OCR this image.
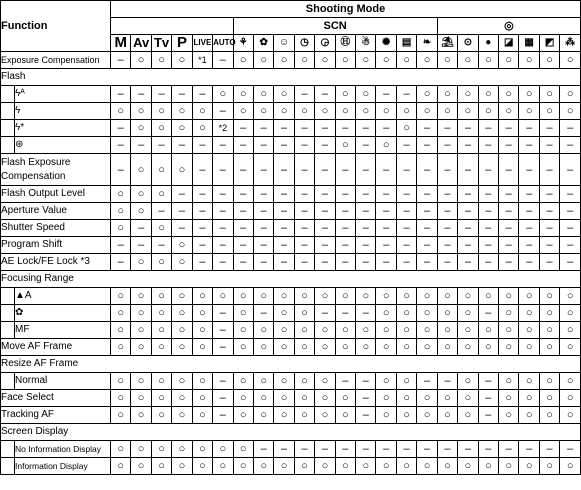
Function		Shooting Mode																						
								SCN										◎						
		M	Av	Tv	P	LIVE	AUTO	⚘	✿	☺	◷	◶	Ⓗ	☃	✺	▤	❧	⛱	⊙	●	◪	▦	◩	⁂
Exposure Compensation		–	○	○	○	*1	–	○	○	○	○	○	○	○	○	○	○	○	○	○	○	○	○	○
Flash																								
	ϟᴬ	–	–	–	–	–	○	○	○	○	–	–	○	○	–	–	○	○	○	○	○	○	○	○
	ϟ	○	○	○	○	○	–	○	○	○	○	○	○	○	○	○	○	○	○	○	○	○	○	○
	ϟ*	–	○	○	○	○	*2	–	–	–	–	–	–	–	–	○	–	–	–	–	–	–	–	–
	⊛	–	–	–	–	–	–	–	–	–	–	–	○	–	○	–	–	–	–	–	–	–	–	–

Flash Exposure
Compensation		–	○	○	○	–	–	–	–	–	–	–	–	–	–	–	–	–	–	–	–	–	–	–
Flash Output Level		○	○	○	–	–	–	–	–	–	–	–	–	–	–	–	–	–	–	–	–	–	–	–
Aperture Value		○	○	–	–	–	–	–	–	–	–	–	–	–	–	–	–	–	–	–	–	–	–	–
Shutter Speed		○	–	○	–	–	–	–	–	–	–	–	–	–	–	–	–	–	–	–	–	–	–	–
Program Shift		–	–	–	○	–	–	–	–	–	–	–	–	–	–	–	–	–	–	–	–	–	–	–
AE Lock/FE Lock *3		–	○	○	○	–	–	–	–	–	–	–	–	–	–	–	–	–	–	–	–	–	–	–
Focusing Range																								
	▲A	○	○	○	○	○	○	○	○	○	○	○	○	○	○	○	○	○	○	○	○	○	○	○
	✿	○	○	○	○	○	–	○	–	○	○	–	–	–	○	○	○	○	○	–	○	○	○	○
	MF	○	○	○	○	○	–	○	○	○	○	○	○	○	○	○	○	○	○	○	○	○	○	○
Move AF Frame		○	○	○	○	○	–	○	○	○	○	○	○	○	○	○	○	○	○	○	○	○	○	○
Resize AF Frame																								
	Normal	○	○	○	○	○	–	○	○	○	○	○	–	–	○	○	–	–	○	–	○	○	○	○
Face Select		○	○	○	○	○	–	○	○	○	○	○	○	–	○	○	○	○	○	–	○	○	○	○
Tracking AF		○	○	○	○	○	–	○	○	○	○	○	○	–	○	○	○	○	○	–	○	○	○	○
Screen Display																								
	No Information Display	○	○	○	○	○	○	○	–	–	–	–	–	–	–	–	–	–	–	–	–	–	–	–
	Information Display	○	○	○	○	○	○	○	○	○	○	○	○	○	○	○	○	○	○	○	○	○	○	○
